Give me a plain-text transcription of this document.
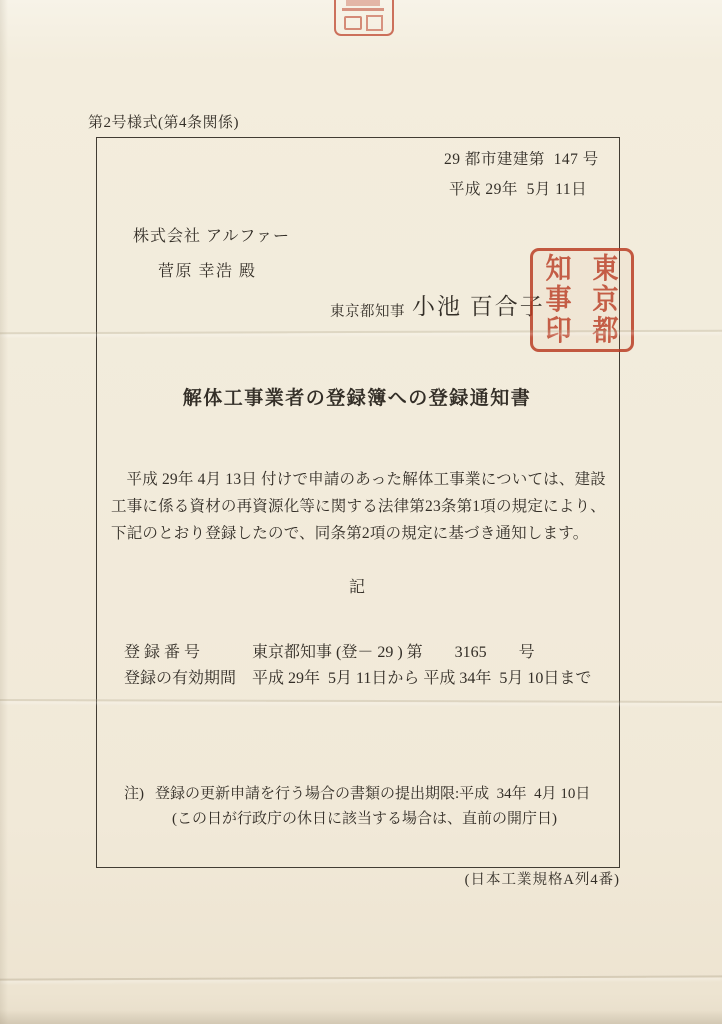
第2号様式(第4条関係)
29 都市建建第  147 号
平成 29年  5月 11日
株式会社 アルファー
菅原 幸浩 殿
東京都知事 小池 百合子
東
京
都
知
事
印
解体工事業者の登録簿への登録通知書
平成 29年 4月 13日 付けで申請のあった解体工事業については、建設工事に係る資材の再資源化等に関する法律第23条第1項の規定により、下記のとおり登録したので、同条第2項の規定に基づき通知します。
記
登 録 番 号	東京都知事 (登－ 29 ) 第　　3165　　号
登録の有効期間 平成 29年  5月 11日から 平成 34年  5月 10日まで
注) 登録の更新申請を行う場合の書類の提出期限:平成  34年  4月 10日
(この日が行政庁の休日に該当する場合は、直前の開庁日)
(日本工業規格A列4番)
